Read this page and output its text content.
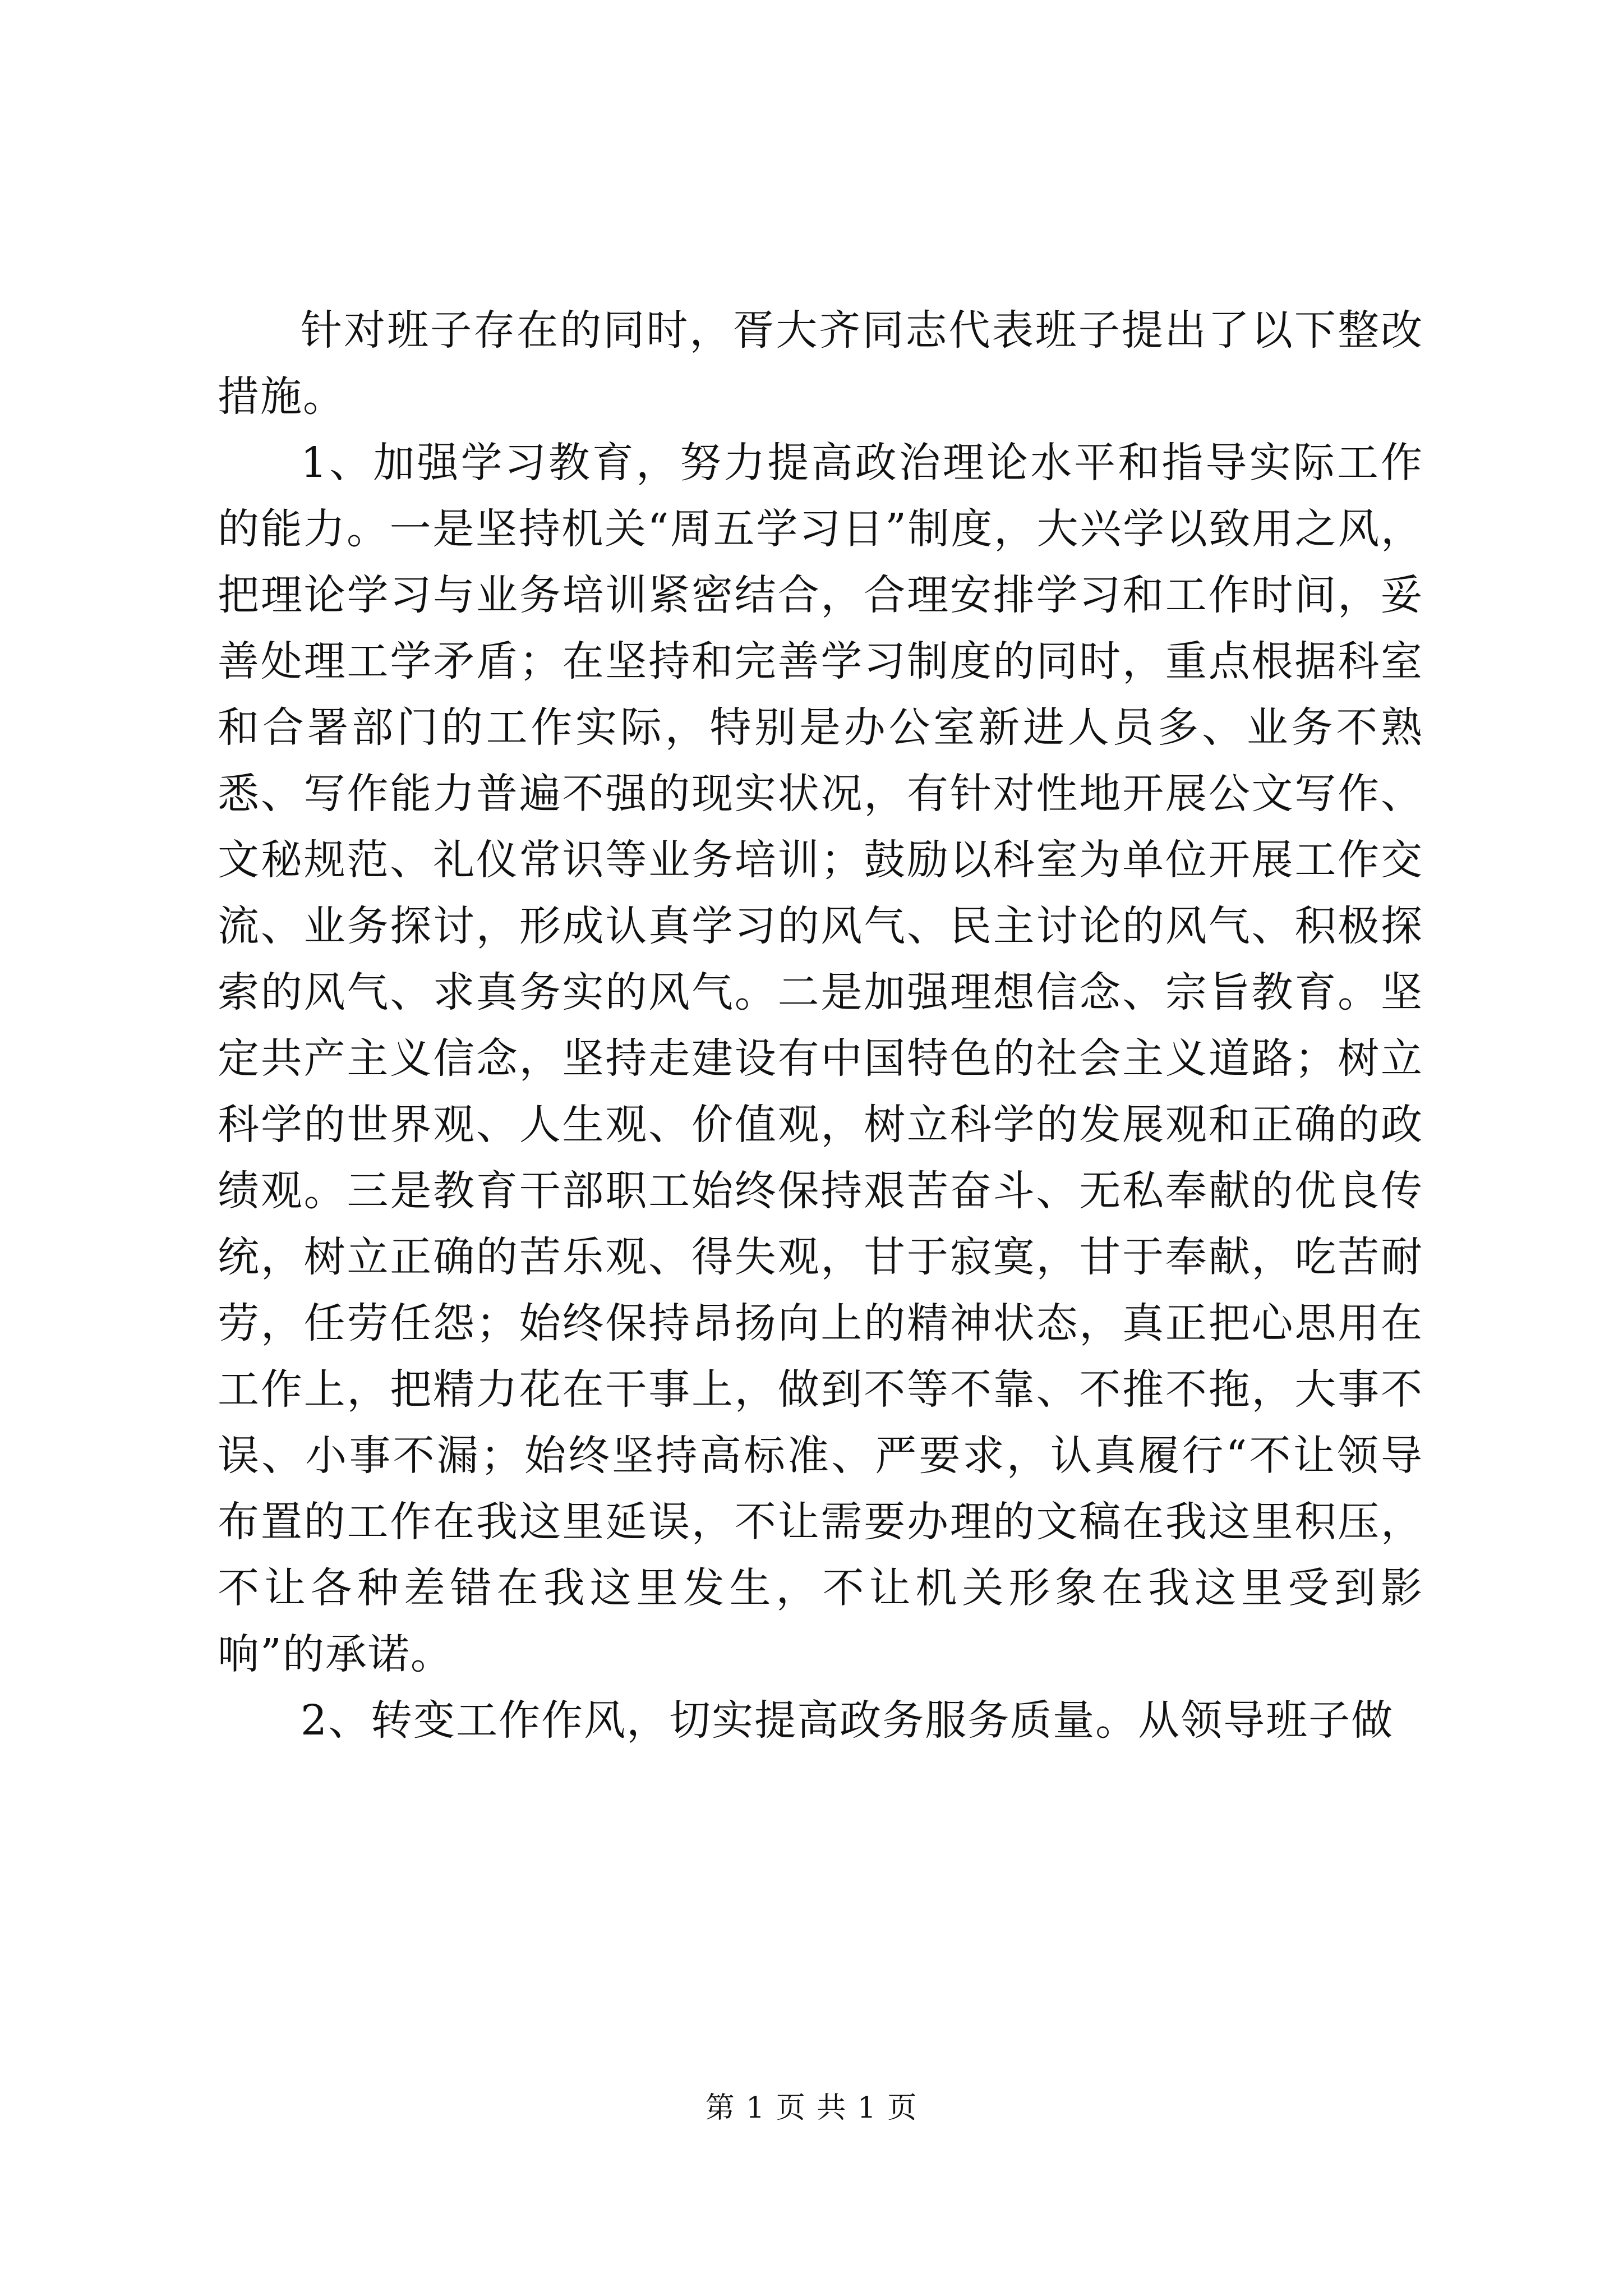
针对班子存在的同时，胥大齐同志代表班子提出了以下整改措施。

1、加强学习教育，努力提高政治理论水平和指导实际工作的能力。一是坚持机关“周五学习日”制度，大兴学以致用之风，把理论学习与业务培训紧密结合，合理安排学习和工作时间，妥善处理工学矛盾；在坚持和完善学习制度的同时，重点根据科室和合署部门的工作实际，特别是办公室新进人员多、业务不熟悉、写作能力普遍不强的现实状况，有针对性地开展公文写作、文秘规范、礼仪常识等业务培训；鼓励以科室为单位开展工作交流、业务探讨，形成认真学习的风气、民主讨论的风气、积极探索的风气、求真务实的风气。二是加强理想信念、宗旨教育。坚定共产主义信念，坚持走建设有中国特色的社会主义道路；树立科学的世界观、人生观、价值观，树立科学的发展观和正确的政绩观。三是教育干部职工始终保持艰苦奋斗、无私奉献的优良传统，树立正确的苦乐观、得失观，甘于寂寞，甘于奉献，吃苦耐劳，任劳任怨；始终保持昂扬向上的精神状态，真正把心思用在工作上，把精力花在干事上，做到不等不靠、不推不拖，大事不误、小事不漏；始终坚持高标准、严要求，认真履行“不让领导布置的工作在我这里延误，不让需要办理的文稿在我这里积压，不让各种差错在我这里发生，不让机关形象在我这里受到影响”的承诺。

2、转变工作作风，切实提高政务服务质量。从领导班子做

第 1 页 共 1 页
